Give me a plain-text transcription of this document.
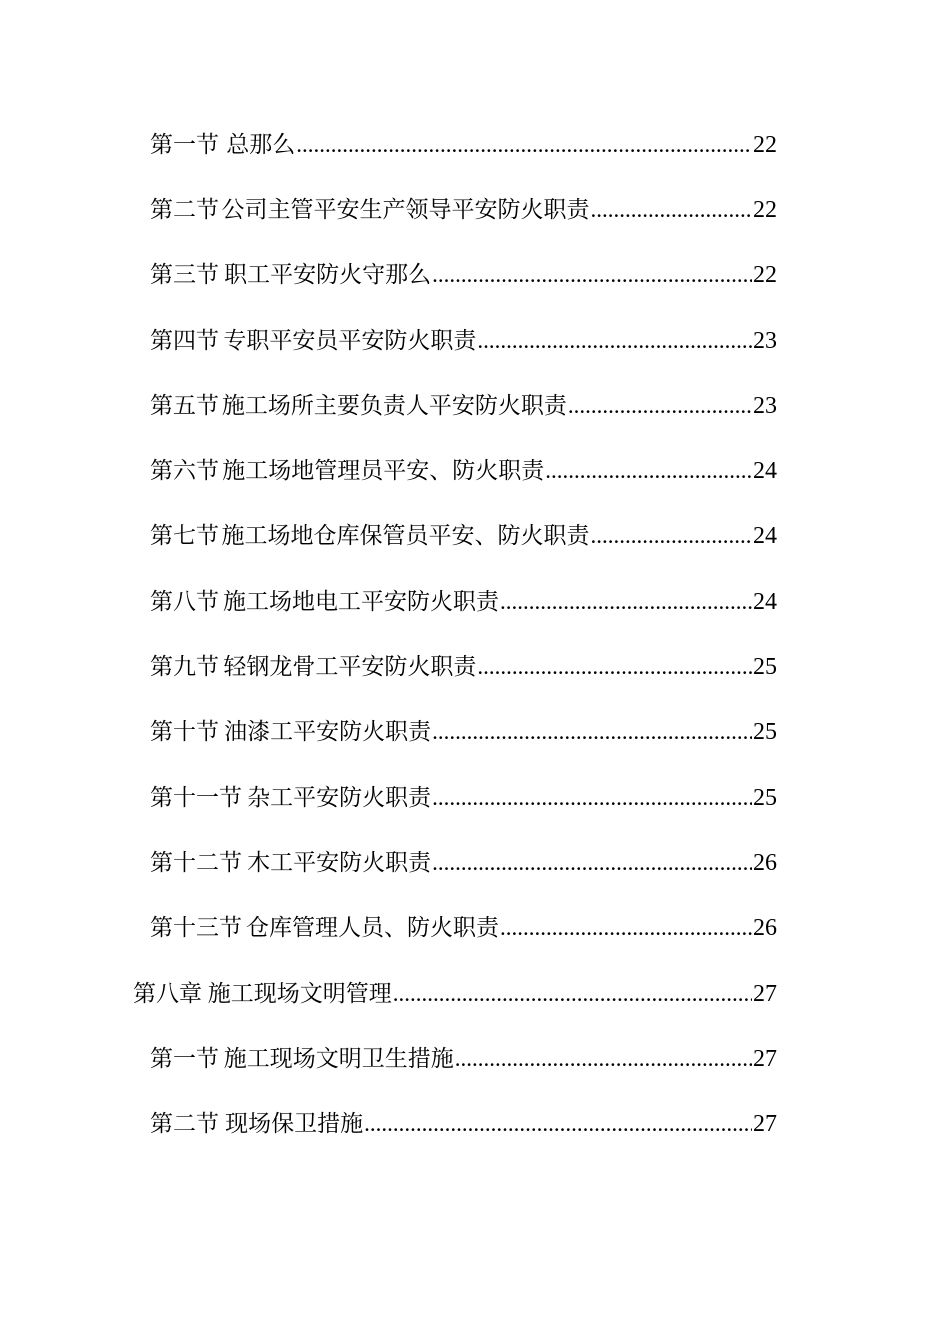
第一节 总那么 .....	22
第二节 公司主管平安生产领导平安防火职责 .....	22
第三节 职工平安防火守那么 .....	22
第四节 专职平安员平安防火职责 .....	23
第五节 施工场所主要负责人平安防火职责 .....	23
第六节 施工场地管理员平安、防火职责 .....	24
第七节 施工场地仓库保管员平安、防火职责 .....	24
第八节 施工场地电工平安防火职责 .....	24
第九节 轻钢龙骨工平安防火职责 .....	25
第十节 油漆工平安防火职责 .....	25
第十一节 杂工平安防火职责 .....	25
第十二节 木工平安防火职责 .....	26
第十三节 仓库管理人员、防火职责 .....	26
第八章 施工现场文明管理 .....	27
第一节 施工现场文明卫生措施 .....	27
第二节 现场保卫措施 .....	27
